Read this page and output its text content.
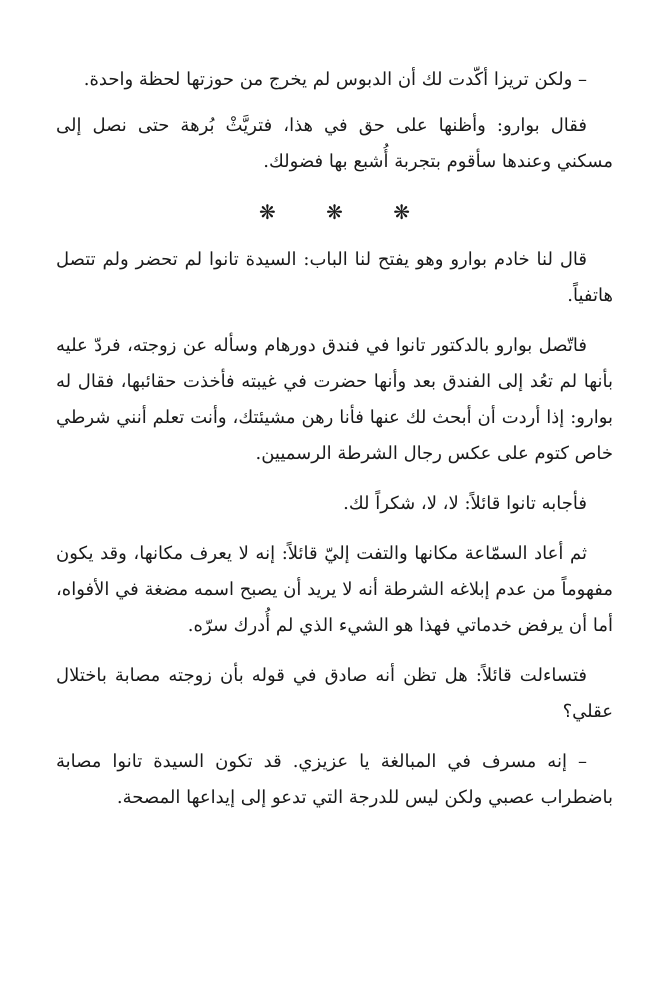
– ولكن تريزا أكّدت لك أن الدبوس لم يخرج من حوزتها لحظة واحدة.

فقال بوارو: وأظنها على حق في هذا، فتريَّثْ بُرهة حتى نصل إلى مسكني وعندها سأقوم بتجربة أُشبع بها فضولك.

❋ ❋ ❋

قال لنا خادم بوارو وهو يفتح لنا الباب: السيدة تانوا لم تحضر ولم تتصل هاتفياً.

فاتّصل بوارو بالدكتور تانوا في فندق دورهام وسأله عن زوجته، فردّ عليه بأنها لم تعُد إلى الفندق بعد وأنها حضرت في غيبته فأخذت حقائبها، فقال له بوارو: إذا أردت أن أبحث لك عنها فأنا رهن مشيئتك، وأنت تعلم أنني شرطي خاص كتوم على عكس رجال الشرطة الرسميين.

فأجابه تانوا قائلاً: لا، لا، شكراً لك.

ثم أعاد السمّاعة مكانها والتفت إليّ قائلاً: إنه لا يعرف مكانها، وقد يكون مفهوماً من عدم إبلاغه الشرطة أنه لا يريد أن يصبح اسمه مضغة في الأفواه، أما أن يرفض خدماتي فهذا هو الشيء الذي لم أُدرك سرّه.

فتساءلت قائلاً: هل تظن أنه صادق في قوله بأن زوجته مصابة باختلال عقلي؟

– إنه مسرف في المبالغة يا عزيزي. قد تكون السيدة تانوا مصابة باضطراب عصبي ولكن ليس للدرجة التي تدعو إلى إيداعها المصحة.
